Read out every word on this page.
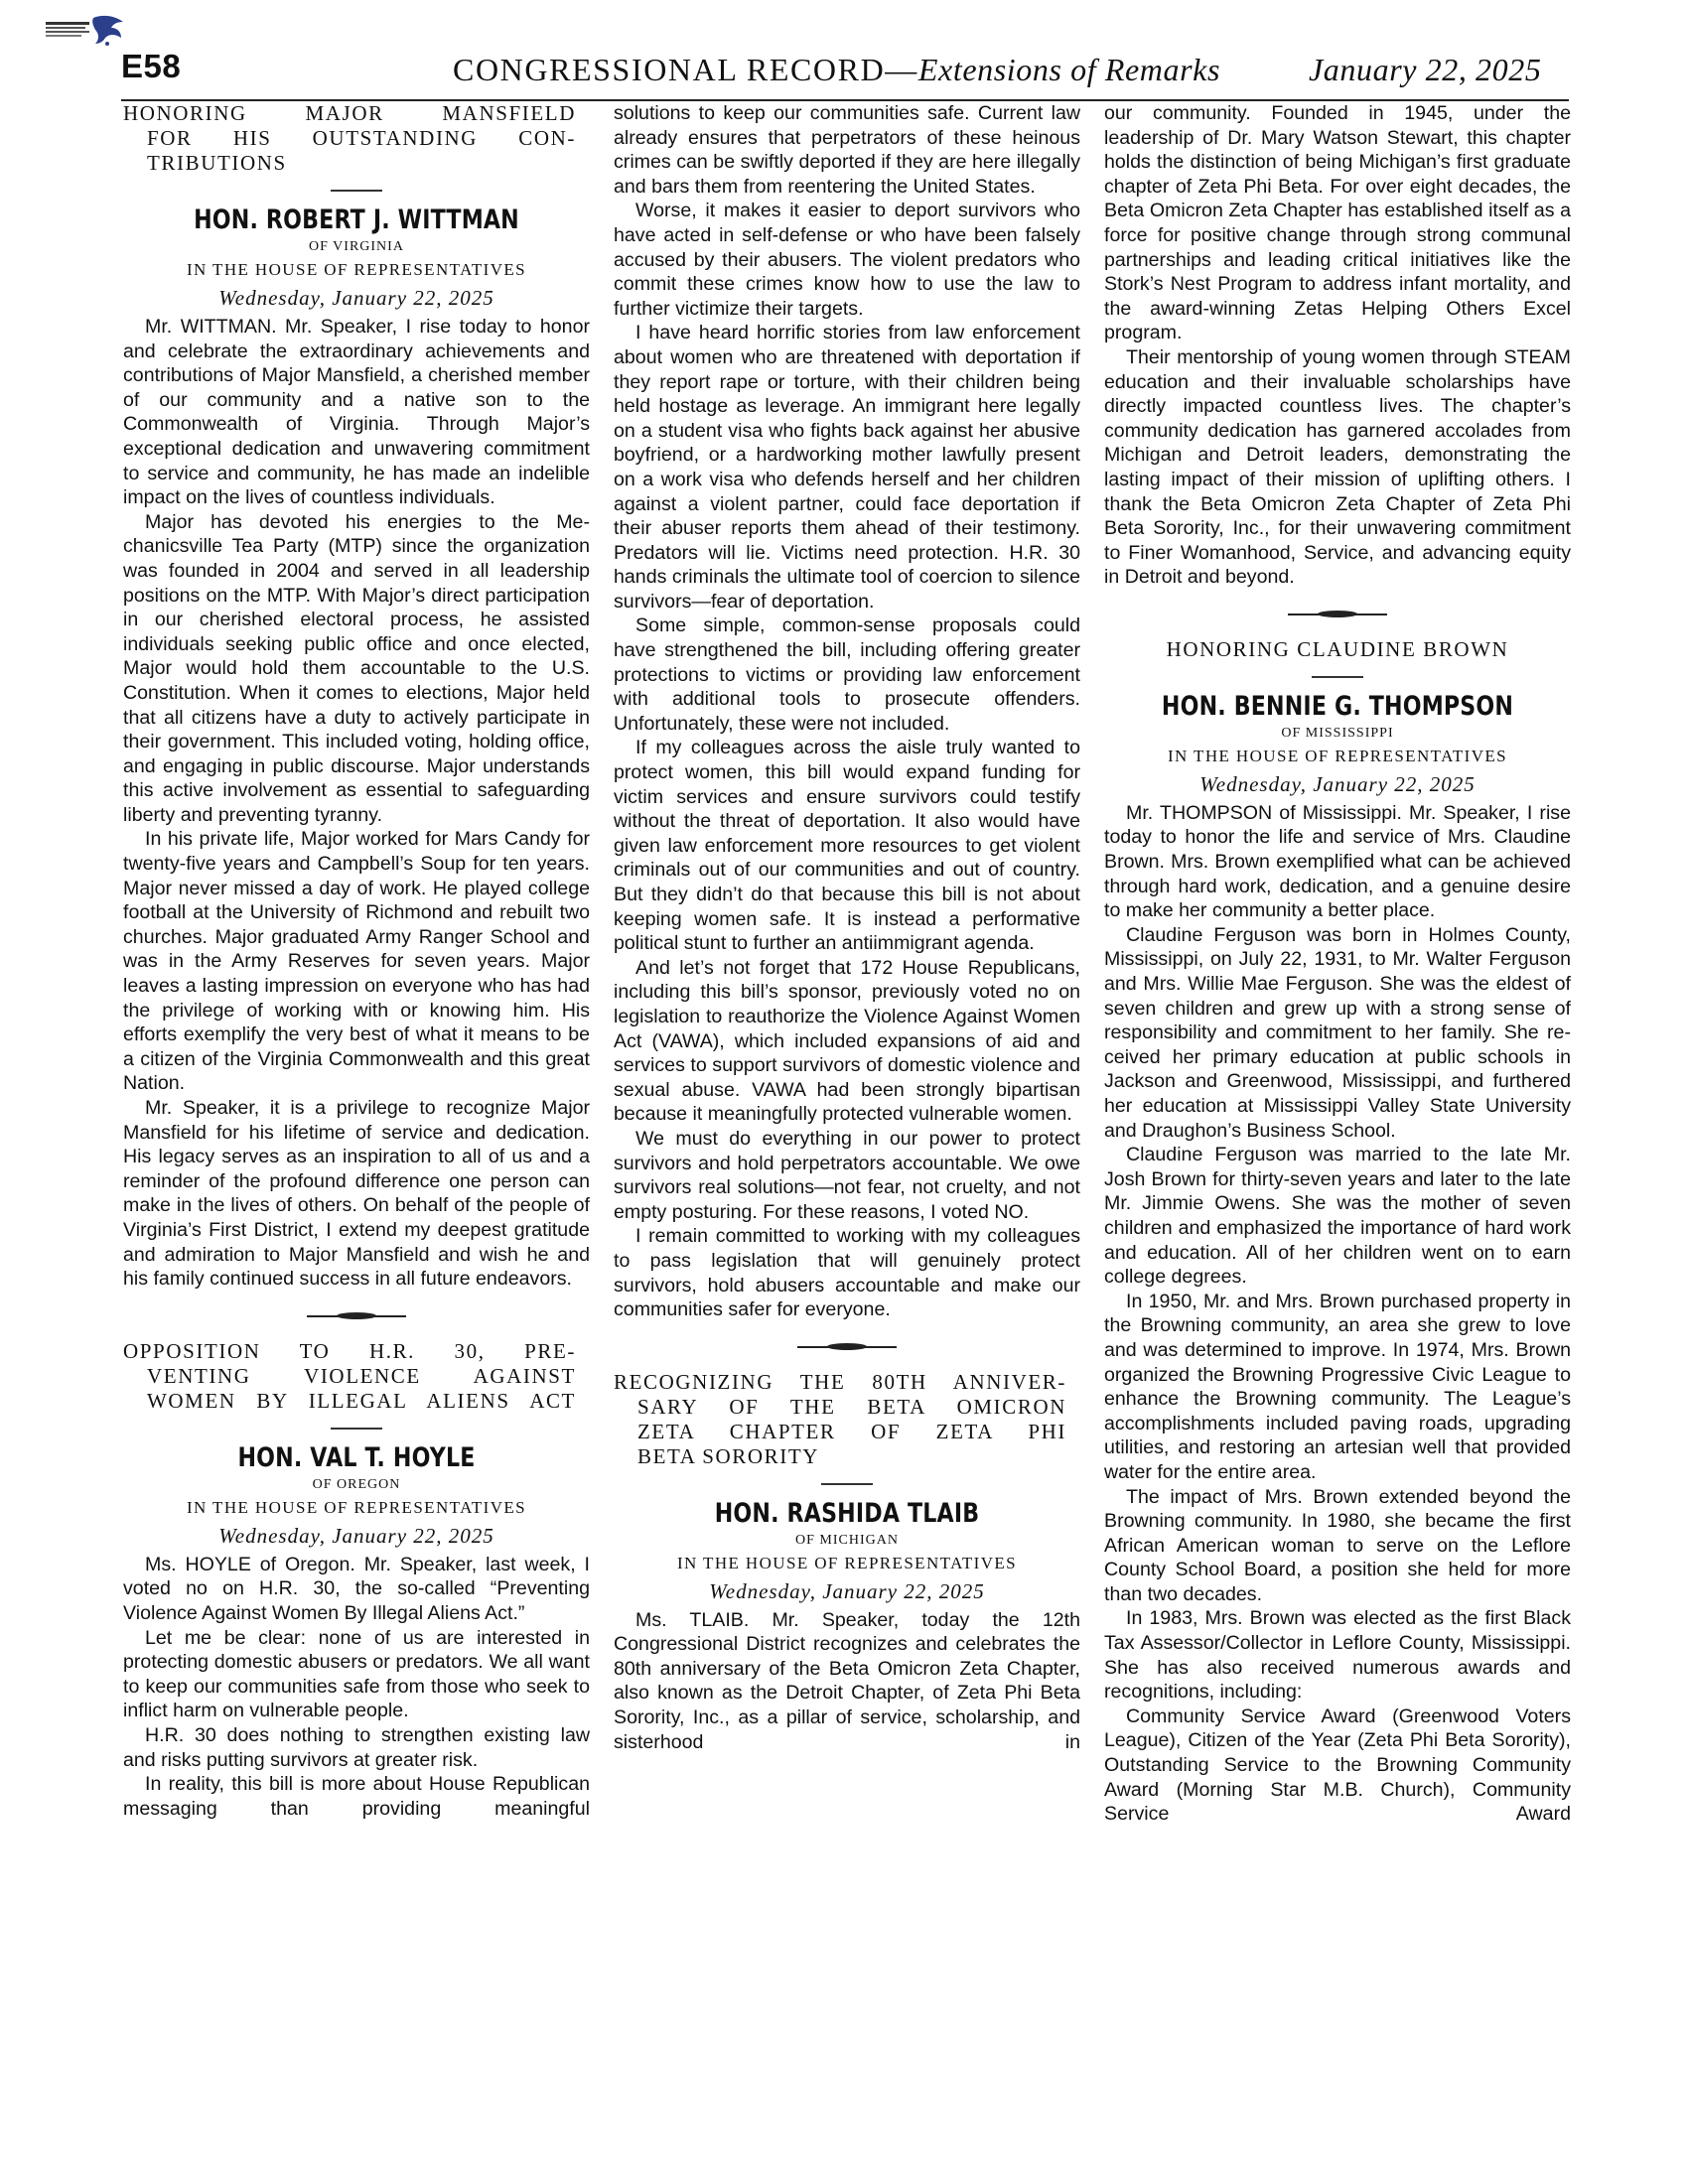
E58	CONGRESSIONAL RECORD—Extensions of Remarks	January 22, 2025
HONORING MAJOR MANSFIELD
FOR HIS OUTSTANDING CON-
TRIBUTIONS
HON. ROBERT J. WITTMAN
OF VIRGINIA
IN THE HOUSE OF REPRESENTATIVES
Wednesday, January 22, 2025

Mr. WITTMAN. Mr. Speaker, I rise today to honor and celebrate the extraordinary achievements and contributions of Major Mansfield, a cherished member of our community and a native son to the Commonwealth of Virginia. Through Major’s exceptional dedication and unwavering commitment to service and community, he has made an indelible impact on the lives of countless individuals.

Major has devoted his energies to the Mechanicsville Tea Party (MTP) since the organization was founded in 2004 and served in all leadership positions on the MTP. With Major’s direct participation in our cherished electoral process, he assisted individuals seeking public office and once elected, Major would hold them accountable to the U.S. Constitution. When it comes to elections, Major held that all citizens have a duty to actively participate in their government. This included voting, holding office, and engaging in public discourse. Major understands this active involvement as essential to safeguarding liberty and preventing tyranny.

In his private life, Major worked for Mars Candy for twenty-five years and Campbell’s Soup for ten years. Major never missed a day of work. He played college football at the University of Richmond and rebuilt two churches. Major graduated Army Ranger School and was in the Army Reserves for seven years. Major leaves a lasting impression on everyone who has had the privilege of working with or knowing him. His efforts exemplify the very best of what it means to be a citizen of the Virginia Commonwealth and this great Nation.

Mr. Speaker, it is a privilege to recognize Major Mansfield for his lifetime of service and dedication. His legacy serves as an inspiration to all of us and a reminder of the profound difference one person can make in the lives of others. On behalf of the people of Virginia’s First District, I extend my deepest gratitude and admiration to Major Mansfield and wish he and his family continued success in all future endeavors.

OPPOSITION TO H.R. 30, PRE-
VENTING VIOLENCE AGAINST
WOMEN BY ILLEGAL ALIENS ACT
HON. VAL T. HOYLE
OF OREGON
IN THE HOUSE OF REPRESENTATIVES
Wednesday, January 22, 2025

Ms. HOYLE of Oregon. Mr. Speaker, last week, I voted no on H.R. 30, the so-called “Preventing Violence Against Women By Illegal Aliens Act.”

Let me be clear: none of us are interested in protecting domestic abusers or predators. We all want to keep our communities safe from those who seek to inflict harm on vulnerable people.

H.R. 30 does nothing to strengthen existing law and risks putting survivors at greater risk.

In reality, this bill is more about House Republican messaging than providing meaningful

solutions to keep our communities safe. Current law already ensures that perpetrators of these heinous crimes can be swiftly deported if they are here illegally and bars them from reentering the United States.

Worse, it makes it easier to deport survivors who have acted in self-defense or who have been falsely accused by their abusers. The violent predators who commit these crimes know how to use the law to further victimize their targets.

I have heard horrific stories from law enforcement about women who are threatened with deportation if they report rape or torture, with their children being held hostage as leverage. An immigrant here legally on a student visa who fights back against her abusive boyfriend, or a hardworking mother lawfully present on a work visa who defends herself and her children against a violent partner, could face deportation if their abuser reports them ahead of their testimony. Predators will lie. Victims need protection. H.R. 30 hands criminals the ultimate tool of coercion to silence survivors—fear of deportation.

Some simple, common-sense proposals could have strengthened the bill, including offering greater protections to victims or providing law enforcement with additional tools to prosecute offenders. Unfortunately, these were not included.

If my colleagues across the aisle truly wanted to protect women, this bill would expand funding for victim services and ensure survivors could testify without the threat of deportation. It also would have given law enforcement more resources to get violent criminals out of our communities and out of country. But they didn’t do that because this bill is not about keeping women safe. It is instead a performative political stunt to further an antiimmigrant agenda.

And let’s not forget that 172 House Republicans, including this bill’s sponsor, previously voted no on legislation to reauthorize the Violence Against Women Act (VAWA), which included expansions of aid and services to support survivors of domestic violence and sexual abuse. VAWA had been strongly bipartisan because it meaningfully protected vulnerable women.

We must do everything in our power to protect survivors and hold perpetrators accountable. We owe survivors real solutions—not fear, not cruelty, and not empty posturing. For these reasons, I voted NO.

I remain committed to working with my colleagues to pass legislation that will genuinely protect survivors, hold abusers accountable and make our communities safer for everyone.

RECOGNIZING THE 80TH ANNIVER-
SARY OF THE BETA OMICRON
ZETA CHAPTER OF ZETA PHI
BETA SORORITY
HON. RASHIDA TLAIB
OF MICHIGAN
IN THE HOUSE OF REPRESENTATIVES
Wednesday, January 22, 2025

Ms. TLAIB. Mr. Speaker, today the 12th Congressional District recognizes and celebrates the 80th anniversary of the Beta Omicron Zeta Chapter, also known as the Detroit Chapter, of Zeta Phi Beta Sorority, Inc., as a pillar of service, scholarship, and sisterhood in

our community. Founded in 1945, under the leadership of Dr. Mary Watson Stewart, this chapter holds the distinction of being Michigan’s first graduate chapter of Zeta Phi Beta. For over eight decades, the Beta Omicron Zeta Chapter has established itself as a force for positive change through strong communal partnerships and leading critical initiatives like the Stork’s Nest Program to address infant mortality, and the award-winning Zetas Helping Others Excel program.

Their mentorship of young women through STEAM education and their invaluable scholarships have directly impacted countless lives. The chapter’s community dedication has garnered accolades from Michigan and Detroit leaders, demonstrating the lasting impact of their mission of uplifting others. I thank the Beta Omicron Zeta Chapter of Zeta Phi Beta Sorority, Inc., for their unwavering commitment to Finer Womanhood, Service, and advancing equity in Detroit and beyond.

HONORING CLAUDINE BROWN
HON. BENNIE G. THOMPSON
OF MISSISSIPPI
IN THE HOUSE OF REPRESENTATIVES
Wednesday, January 22, 2025

Mr. THOMPSON of Mississippi. Mr. Speaker, I rise today to honor the life and service of Mrs. Claudine Brown. Mrs. Brown exemplified what can be achieved through hard work, dedication, and a genuine desire to make her community a better place.

Claudine Ferguson was born in Holmes County, Mississippi, on July 22, 1931, to Mr. Walter Ferguson and Mrs. Willie Mae Ferguson. She was the eldest of seven children and grew up with a strong sense of responsibility and commitment to her family. She received her primary education at public schools in Jackson and Greenwood, Mississippi, and furthered her education at Mississippi Valley State University and Draughon’s Business School.

Claudine Ferguson was married to the late Mr. Josh Brown for thirty-seven years and later to the late Mr. Jimmie Owens. She was the mother of seven children and emphasized the importance of hard work and education. All of her children went on to earn college degrees.

In 1950, Mr. and Mrs. Brown purchased property in the Browning community, an area she grew to love and was determined to improve. In 1974, Mrs. Brown organized the Browning Progressive Civic League to enhance the Browning community. The League’s accomplishments included paving roads, upgrading utilities, and restoring an artesian well that provided water for the entire area.

The impact of Mrs. Brown extended beyond the Browning community. In 1980, she became the first African American woman to serve on the Leflore County School Board, a position she held for more than two decades.

In 1983, Mrs. Brown was elected as the first Black Tax Assessor/Collector in Leflore County, Mississippi. She has also received numerous awards and recognitions, including:

Community Service Award (Greenwood Voters League), Citizen of the Year (Zeta Phi Beta Sorority), Outstanding Service to the Browning Community Award (Morning Star M.B. Church), Community Service Award
